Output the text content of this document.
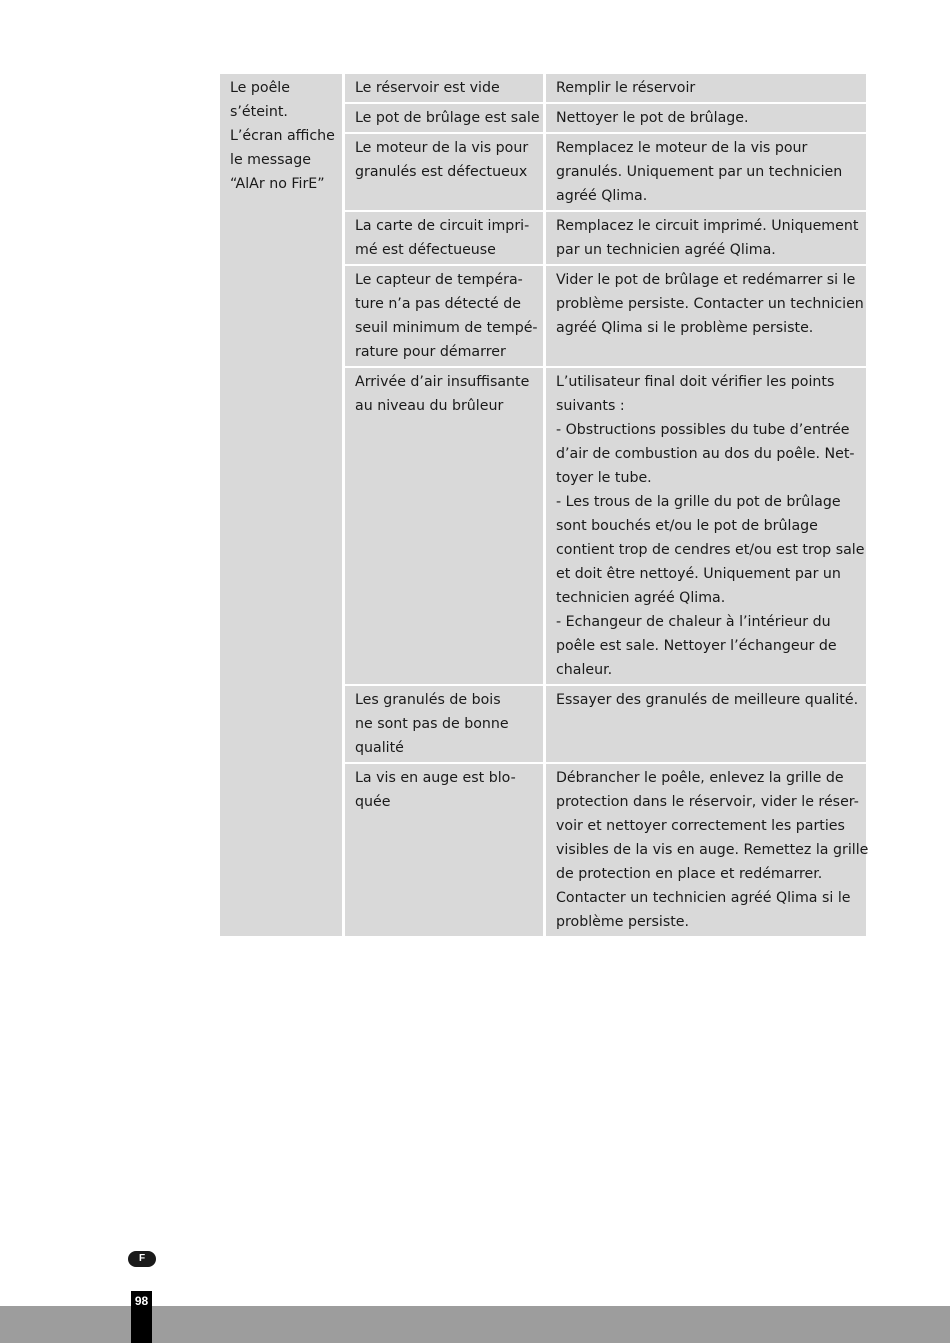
Le poêle
s’éteint.
L’écran affiche
le message
“AlAr no FirE”
Le réservoir est vide	Remplir le réservoir
Le pot de brûlage est sale Nettoyer le pot de brûlage.
Le moteur de la vis pour
granulés est défectueux
Remplacez le moteur de la vis pour
granulés. Uniquement par un technicien
agréé Qlima.
La carte de circuit impri-
mé est défectueuse
Remplacez le circuit imprimé. Uniquement
par un technicien agréé Qlima.
Le capteur de tempéra-
ture n’a pas détecté de
seuil minimum de tempé-
rature pour démarrer
Vider le pot de brûlage et redémarrer si le
problème persiste. Contacter un technicien
agréé Qlima si le problème persiste.
Arrivée d’air insuffisante
au niveau du brûleur
L’utilisateur final doit vérifier les points
suivants :
- Obstructions possibles du tube d’entrée
d’air de combustion au dos du poêle. Net-
toyer le tube.
- Les trous de la grille du pot de brûlage
sont bouchés et/ou le pot de brûlage
contient trop de cendres et/ou est trop sale
et doit être nettoyé. Uniquement par un
technicien agréé Qlima.
- Echangeur de chaleur à l’intérieur du
poêle est sale. Nettoyer l’échangeur de
chaleur.
Les granulés de bois
ne sont pas de bonne
qualité
Essayer des granulés de meilleure qualité.
La vis en auge est blo-
quée
Débrancher le poêle, enlevez la grille de
protection dans le réservoir, vider le réser-
voir et nettoyer correctement les parties
visibles de la vis en auge. Remettez la grille
de protection en place et redémarrer.
Contacter un technicien agréé Qlima si le
problème persiste.
F
98
